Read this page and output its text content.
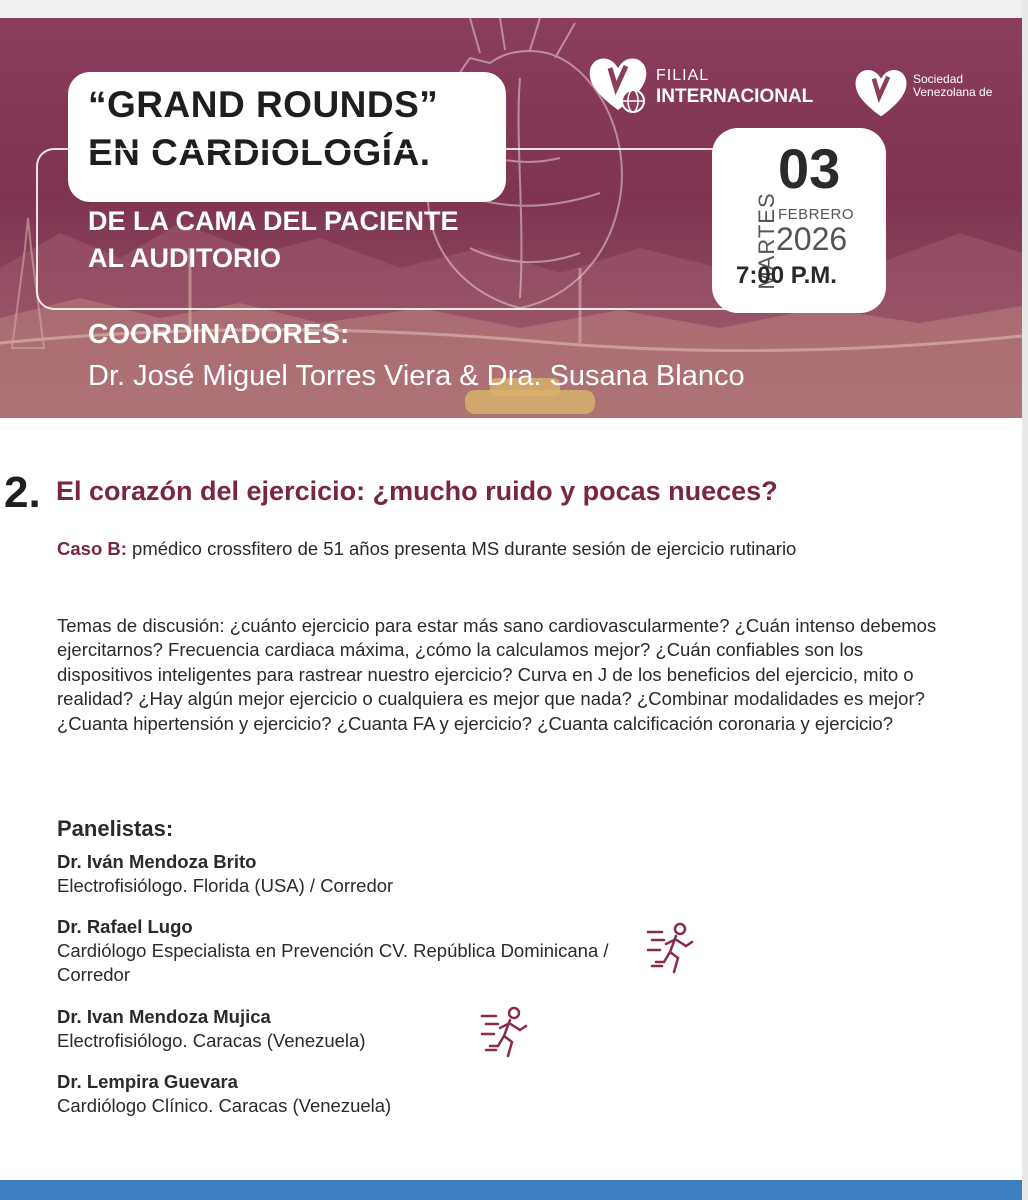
“GRAND ROUNDS”
EN CARDIOLOGÍA.
DE LA CAMA DEL PACIENTE
AL AUDITORIO
FILIAL
INTERNACIONAL
Sociedad
Venezolana de
MARTES
03
FEBRERO
2026
7:00 P.M.
COORDINADORES:
Dr. José Miguel Torres Viera & Dra. Susana Blanco
2. El corazón del ejercicio: ¿mucho ruido y pocas nueces?
Caso B: pmédico crossfitero de 51 años presenta MS durante sesión de ejercicio rutinario
Temas de discusión: ¿cuánto ejercicio para estar más sano cardiovascularmente? ¿Cuán intenso debemos ejercitarnos? Frecuencia cardiaca máxima, ¿cómo la calculamos mejor? ¿Cuán confiables son los dispositivos inteligentes para rastrear nuestro ejercicio? Curva en J de los beneficios del ejercicio, mito o realidad? ¿Hay algún mejor ejercicio o cualquiera es mejor que nada? ¿Combinar modalidades es mejor? ¿Cuanta hipertensión y ejercicio? ¿Cuanta FA y ejercicio? ¿Cuanta calcificación coronaria y ejercicio?
Panelistas:
Dr. Iván Mendoza Brito
Electrofisiólogo. Florida (USA) / Corredor
Dr. Rafael Lugo
Cardiólogo Especialista en Prevención CV. República Dominicana / Corredor
Dr. Ivan Mendoza Mujica
Electrofisiólogo. Caracas (Venezuela)
Dr. Lempira Guevara
Cardiólogo Clínico. Caracas (Venezuela)
